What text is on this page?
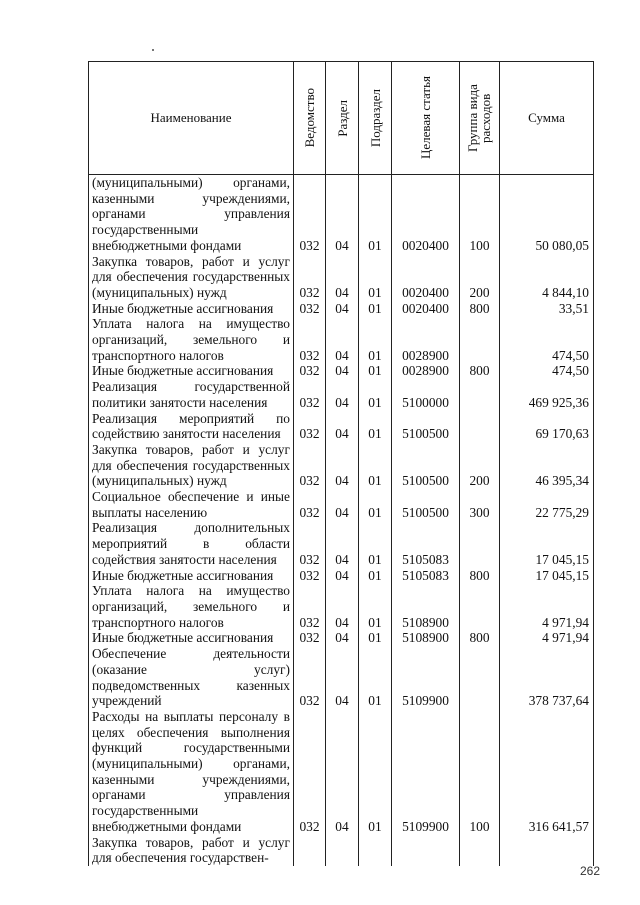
Наименование	Ведомство	Раздел	Подраздел	Целевая статья	Группа вида расходов	Сумма
(муниципальными) органами, казенными учреждениями, органами управления государственными внебюджетными фондами	032	04	01	0020400	100	50 080,05
Закупка товаров, работ и услуг для обеспечения государственных (муниципальных) нужд	032	04	01	0020400	200	4 844,10
Иные бюджетные ассигнования	032	04	01	0020400	800	33,51
Уплата налога на имущество организаций, земельного и транспортного налогов	032	04	01	0028900		474,50
Иные бюджетные ассигнования	032	04	01	0028900	800	474,50
Реализация государственной политики занятости населения	032	04	01	5100000		469 925,36
Реализация мероприятий по содействию занятости населения	032	04	01	5100500		69 170,63
Закупка товаров, работ и услуг для обеспечения государственных (муниципальных) нужд	032	04	01	5100500	200	46 395,34
Социальное обеспечение и иные выплаты населению	032	04	01	5100500	300	22 775,29
Реализация дополнительных мероприятий в области содействия занятости населения	032	04	01	5105083		17 045,15
Иные бюджетные ассигнования	032	04	01	5105083	800	17 045,15
Уплата налога на имущество организаций, земельного и транспортного налогов	032	04	01	5108900		4 971,94
Иные бюджетные ассигнования	032	04	01	5108900	800	4 971,94
Обеспечение деятельности (оказание услуг) подведомственных казенных учреждений	032	04	01	5109900		378 737,64
Расходы на выплаты персоналу в целях обеспечения выполнения функций государственными (муниципальными) органами, казенными учреждениями, органами управления государственными внебюджетными фондами	032	04	01	5109900	100	316 641,57
Закупка товаров, работ и услуг для обеспечения государствен-						
262
